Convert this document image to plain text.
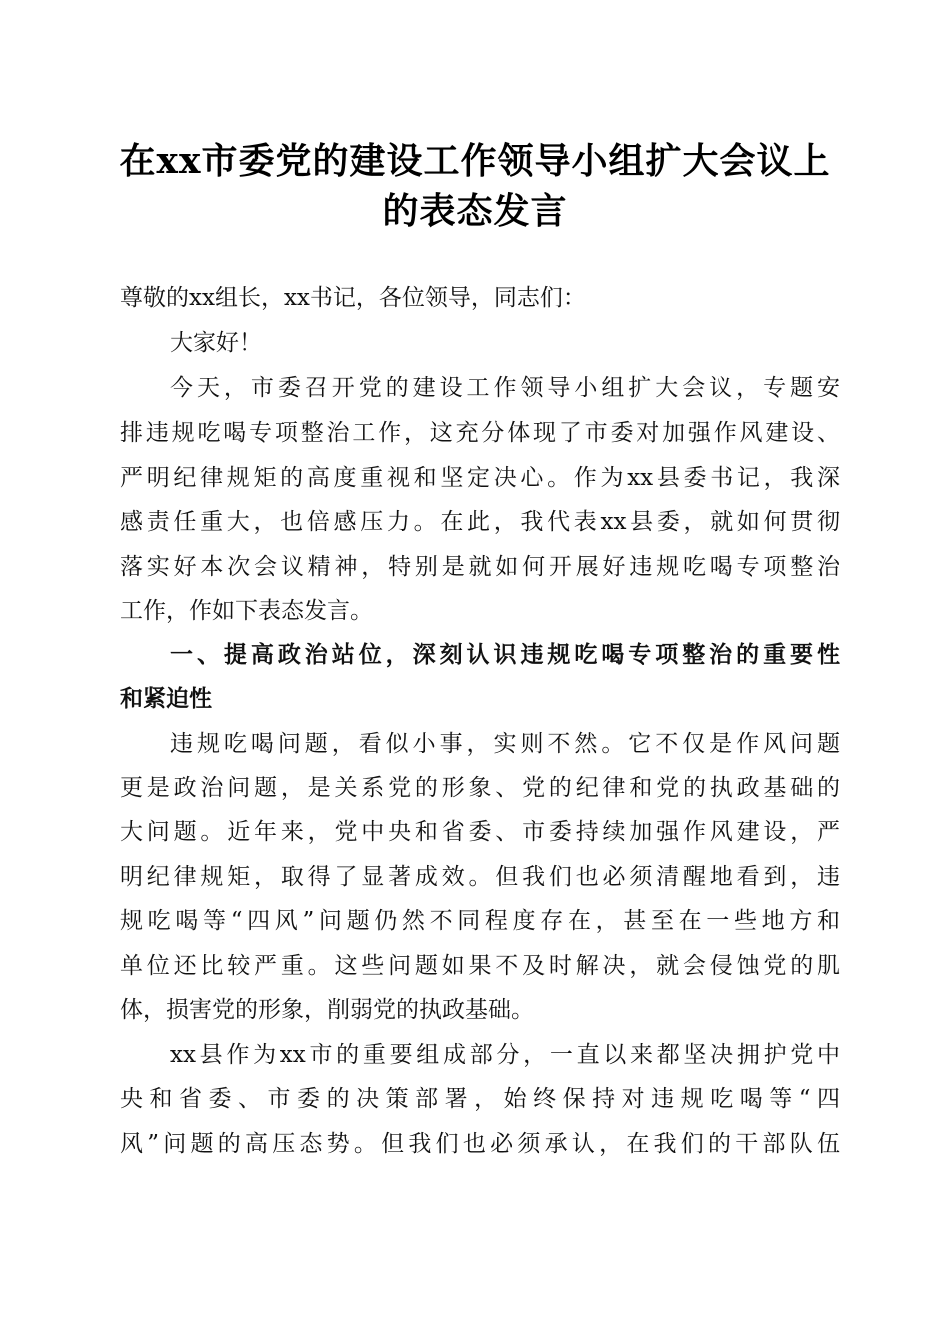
在xx市委党的建设工作领导小组扩大会议上
的表态发言
尊敬的xx组长，xx书记，各位领导，同志们：
大家好！
今天，市委召开党的建设工作领导小组扩大会议，专题安
排违规吃喝专项整治工作，这充分体现了市委对加强作风建设、
严明纪律规矩的高度重视和坚定决心。作为xx县委书记，我深
感责任重大，也倍感压力。在此，我代表xx县委，就如何贯彻
落实好本次会议精神，特别是就如何开展好违规吃喝专项整治
工作，作如下表态发言。
一、提高政治站位，深刻认识违规吃喝专项整治的重要性
和紧迫性
违规吃喝问题，看似小事，实则不然。它不仅是作风问题
更是政治问题，是关系党的形象、党的纪律和党的执政基础的
大问题。近年来，党中央和省委、市委持续加强作风建设，严
明纪律规矩，取得了显著成效。但我们也必须清醒地看到，违
规吃喝等“四风”问题仍然不同程度存在，甚至在一些地方和
单位还比较严重。这些问题如果不及时解决，就会侵蚀党的肌
体，损害党的形象，削弱党的执政基础。
xx县作为xx市的重要组成部分，一直以来都坚决拥护党中
央和省委、市委的决策部署，始终保持对违规吃喝等“四
风”问题的高压态势。但我们也必须承认，在我们的干部队伍
